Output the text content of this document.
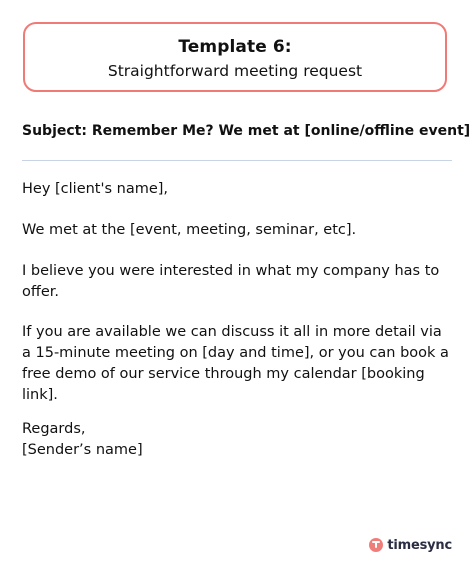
Template 6:
Straightforward meeting request
Subject: Remember Me? We met at [online/offline event]

Hey [client's name],

We met at the [event, meeting, seminar, etc].

I believe you were interested in what my company has to

offer.

If you are available we can discuss it all in more detail via

a 15-minute meeting on [day and time], or you can book a

free demo of our service through my calendar [booking

link].

Regards,

[Sender’s name]

timesync
